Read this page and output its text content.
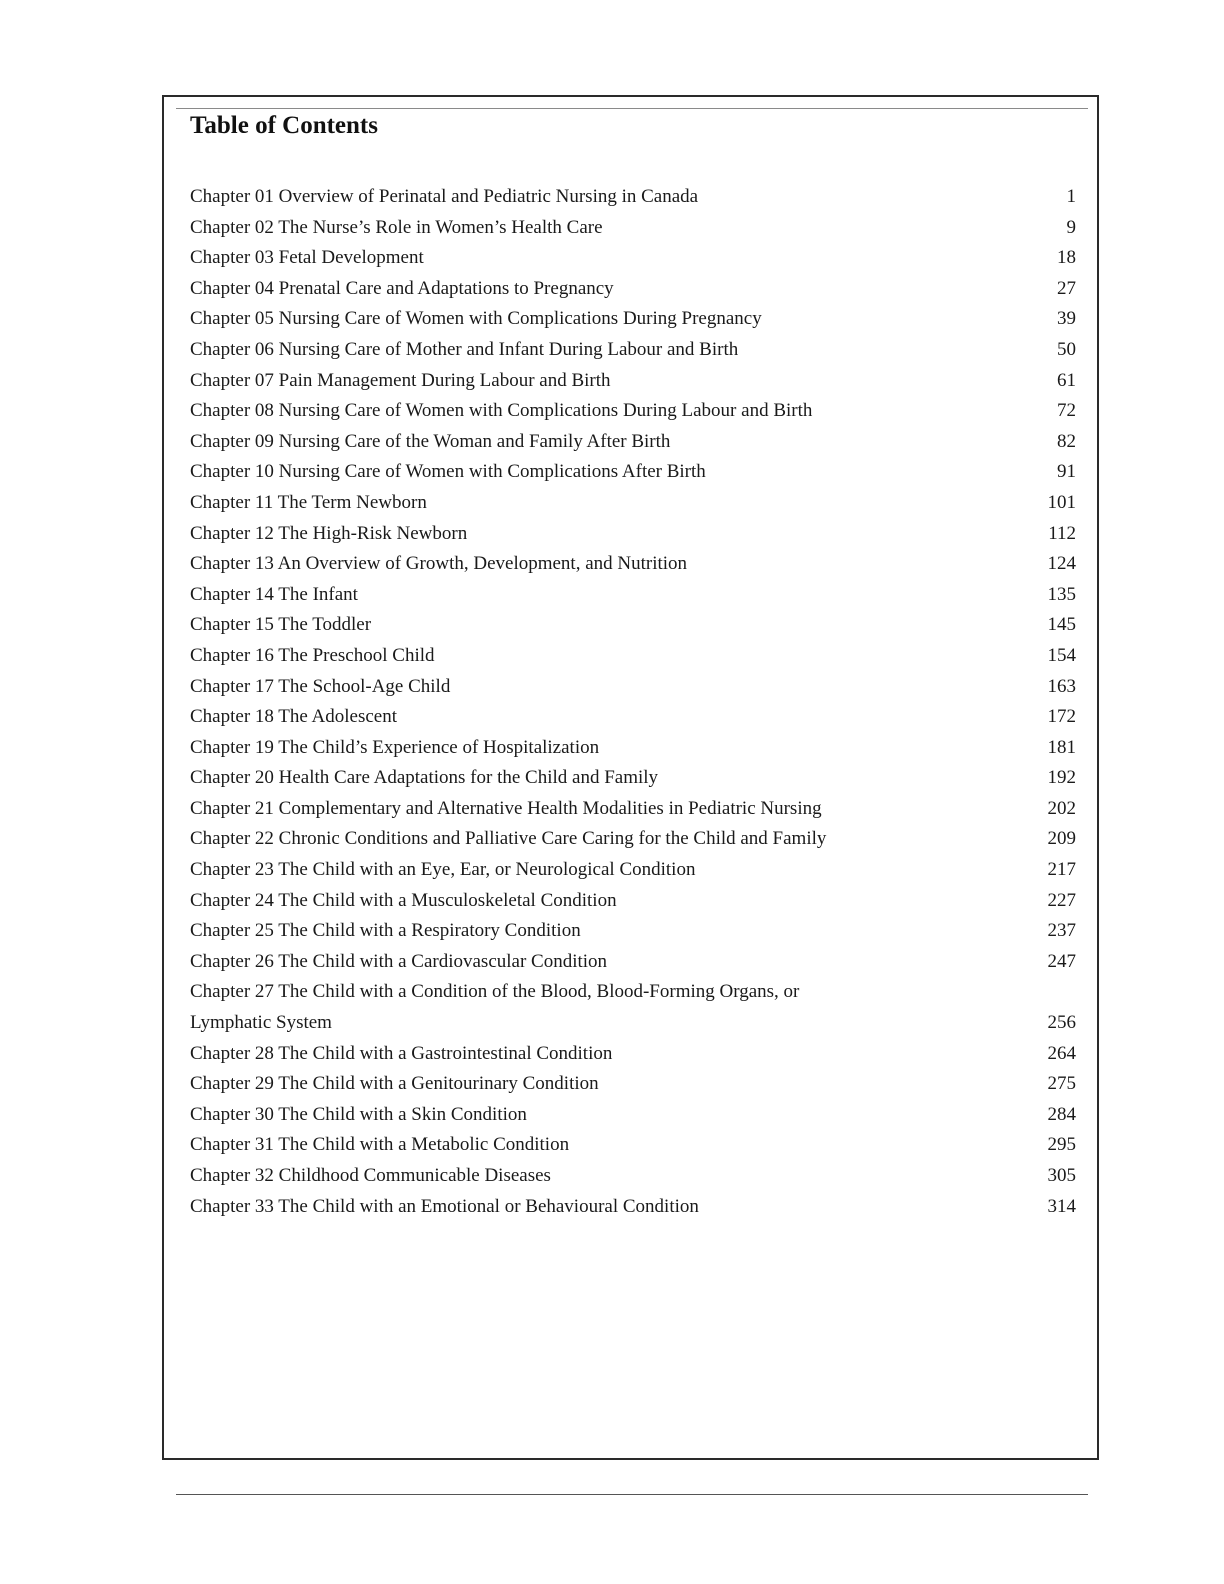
Table of Contents
Chapter 01 Overview of Perinatal and Pediatric Nursing in Canada	1
Chapter 02 The Nurse’s Role in Women’s Health Care	9
Chapter 03 Fetal Development	18
Chapter 04 Prenatal Care and Adaptations to Pregnancy	27
Chapter 05 Nursing Care of Women with Complications During Pregnancy	39
Chapter 06 Nursing Care of Mother and Infant During Labour and Birth	50
Chapter 07 Pain Management During Labour and Birth	61
Chapter 08 Nursing Care of Women with Complications During Labour and Birth	72
Chapter 09 Nursing Care of the Woman and Family After Birth	82
Chapter 10 Nursing Care of Women with Complications After Birth	91
Chapter 11 The Term Newborn	101
Chapter 12 The High-Risk Newborn	112
Chapter 13 An Overview of Growth, Development, and Nutrition	124
Chapter 14 The Infant	135
Chapter 15 The Toddler	145
Chapter 16 The Preschool Child	154
Chapter 17 The School-Age Child	163
Chapter 18 The Adolescent	172
Chapter 19 The Child’s Experience of Hospitalization	181
Chapter 20 Health Care Adaptations for the Child and Family	192
Chapter 21 Complementary and Alternative Health Modalities in Pediatric Nursing	202
Chapter 22 Chronic Conditions and Palliative Care Caring for the Child and Family	209
Chapter 23 The Child with an Eye, Ear, or Neurological Condition	217
Chapter 24 The Child with a Musculoskeletal Condition	227
Chapter 25 The Child with a Respiratory Condition	237
Chapter 26 The Child with a Cardiovascular Condition	247
Chapter 27 The Child with a Condition of the Blood, Blood-Forming Organs, or
Lymphatic System	256
Chapter 28 The Child with a Gastrointestinal Condition	264
Chapter 29 The Child with a Genitourinary Condition	275
Chapter 30 The Child with a Skin Condition	284
Chapter 31 The Child with a Metabolic Condition	295
Chapter 32 Childhood Communicable Diseases	305
Chapter 33 The Child with an Emotional or Behavioural Condition	314
